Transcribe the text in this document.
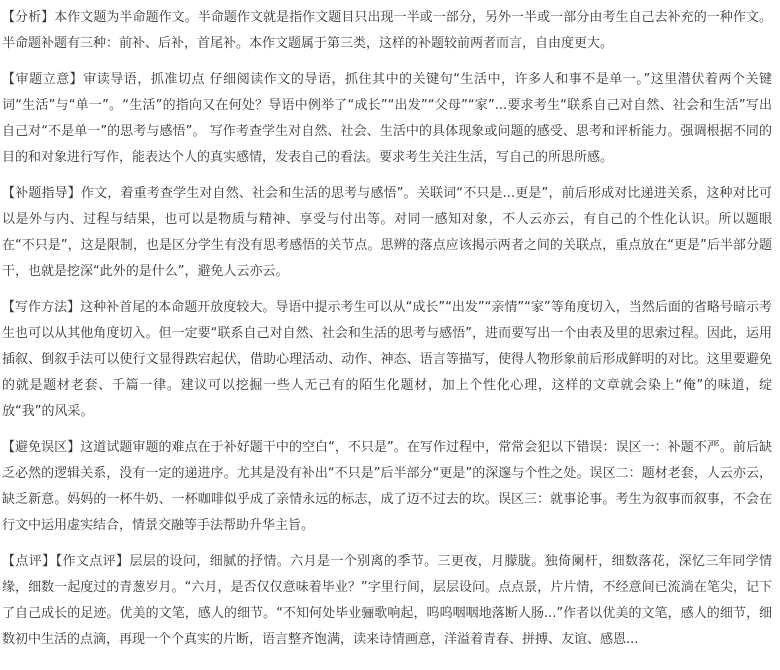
【分析】本作文题为半命题作文。半命题作文就是指作文题目只出现一半或一部分，另外一半或一部分由考生自己去补充的一种作文。半命题补题有三种：前补、后补，首尾补。本作文题属于第三类，这样的补题较前两者而言，自由度更大。

【审题立意】审读导语，抓准切点 仔细阅读作文的导语，抓住其中的关键句“生活中，许多人和事不是单一。”这里潜伏着两个关键词“生活”与“单一”。“生活”的指向又在何处？导语中例举了“成长”“出发”“父母”“家”...要求考生“联系自己对自然、社会和生活”写出自己对“不是单一”的思考与感悟”。 写作考查学生对自然、社会、生活中的具体现象或问题的感受、思考和评析能力。强调根据不同的目的和对象进行写作，能表达个人的真实感情，发表自己的看法。要求考生关注生活，写自己的所思所感。

【补题指导】作文，着重考查学生对自然、社会和生活的思考与感悟”。关联词“不只是...更是”，前后形成对比递进关系，这种对比可以是外与内、过程与结果，也可以是物质与精神、享受与付出等。对同一感知对象，不人云亦云，有自己的个性化认识。所以题眼在“不只是”，这是限制，也是区分学生有没有思考感悟的关节点。思辨的落点应该揭示两者之间的关联点，重点放在“更是”后半部分题干，也就是挖深“此外的是什么”，避免人云亦云。

【写作方法】这种补首尾的本命题开放度较大。导语中提示考生可以从“成长”“出发”“亲情”“家”等角度切入，当然后面的省略号暗示考生也可以从其他角度切入。但一定要“联系自己对自然、社会和生活的思考与感悟”，进而要写出一个由表及里的思索过程。因此，运用插叙、倒叙手法可以使行文显得跌宕起伏，借助心理活动、动作、神态、语言等描写，使得人物形象前后形成鲜明的对比。这里要避免的就是题材老套、千篇一律。建议可以挖掘一些人无己有的陌生化题材，加上个性化心理，这样的文章就会染上“俺”的味道，绽放“我”的风采。

【避免误区】这道试题审题的难点在于补好题干中的空白“，不只是”。在写作过程中，常常会犯以下错误：误区一：补题不严。前后缺乏必然的逻辑关系，没有一定的递进序。尤其是没有补出“不只是”后半部分“更是”的深邃与个性之处。误区二：题材老套，人云亦云，缺乏新意。妈妈的一杯牛奶、一杯咖啡似乎成了亲情永远的标志，成了迈不过去的坎。误区三：就事论事。考生为叙事而叙事，不会在行文中运用虚实结合，情景交融等手法帮助升华主旨。

【点评】【作文点评】层层的设问，细腻的抒情。六月是一个别离的季节。三更夜，月朦胧。独倚阑杆，细数落花，深忆三年同学情缘，细数一起度过的青葱岁月。“六月，是否仅仅意味着毕业？”字里行间，层层设问。点点景，片片情，不经意间已流淌在笔尖，记下了自己成长的足迹。优美的文笔，感人的细节。“不知何处毕业骊歌响起，呜呜咽咽地落断人肠...”作者以优美的文笔，感人的细节，细数初中生活的点滴，再现一个个真实的片断，语言整齐饱满，读来诗情画意，洋溢着青春、拼搏、友谊、感恩...
